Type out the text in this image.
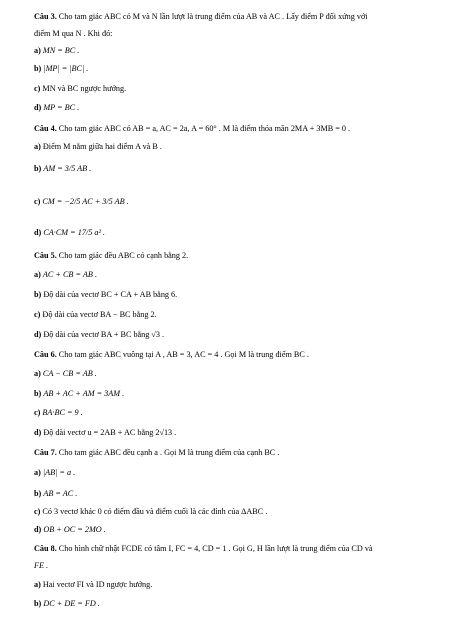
Câu 3. Cho tam giác ABC có M và N lần lượt là trung điểm của AB và AC . Lấy điểm P đối xứng với
điểm M qua N . Khi đó:
a) MN = BC .
b) |MP| = |BC| .
c) MN và BC ngược hướng.
d) MP = BC .
Câu 4. Cho tam giác ABC có AB = a, AC = 2a, A = 60° . M là điểm thỏa mãn 2MA + 3MB = 0 .
a) Điểm M nằm giữa hai điểm A và B .
b) AM = 3/5 AB .
c) CM = −2/5 AC + 3/5 AB .
d) CA·CM = 17/5 a² .
Câu 5. Cho tam giác đều ABC có cạnh bằng 2.
a) AC + CB = AB .
b) Độ dài của vectơ BC + CA + AB bằng 6.
c) Độ dài của vectơ BA − BC bằng 2.
d) Độ dài của vectơ BA + BC bằng √3 .
Câu 6. Cho tam giác ABC vuông tại A , AB = 3, AC = 4 . Gọi M là trung điểm BC .
a) CA − CB = AB .
b) AB + AC + AM = 3AM .
c) BA·BC = 9 .
d) Độ dài vectơ u = 2AB + AC bằng 2√13 .
Câu 7. Cho tam giác ABC đều cạnh a . Gọi M là trung điểm của cạnh BC .
a) |AB| = a .
b) AB = AC .
c) Có 3 vectơ khác 0 có điểm đầu và điểm cuối là các đỉnh của ΔABC .
d) OB + OC = 2MO .
Câu 8. Cho hình chữ nhật FCDE có tâm I, FC = 4, CD = 1 . Gọi G, H lần lượt là trung điểm của CD và
FE .
a) Hai vectơ FI và ID ngược hướng.
b) DC + DE = FD .
